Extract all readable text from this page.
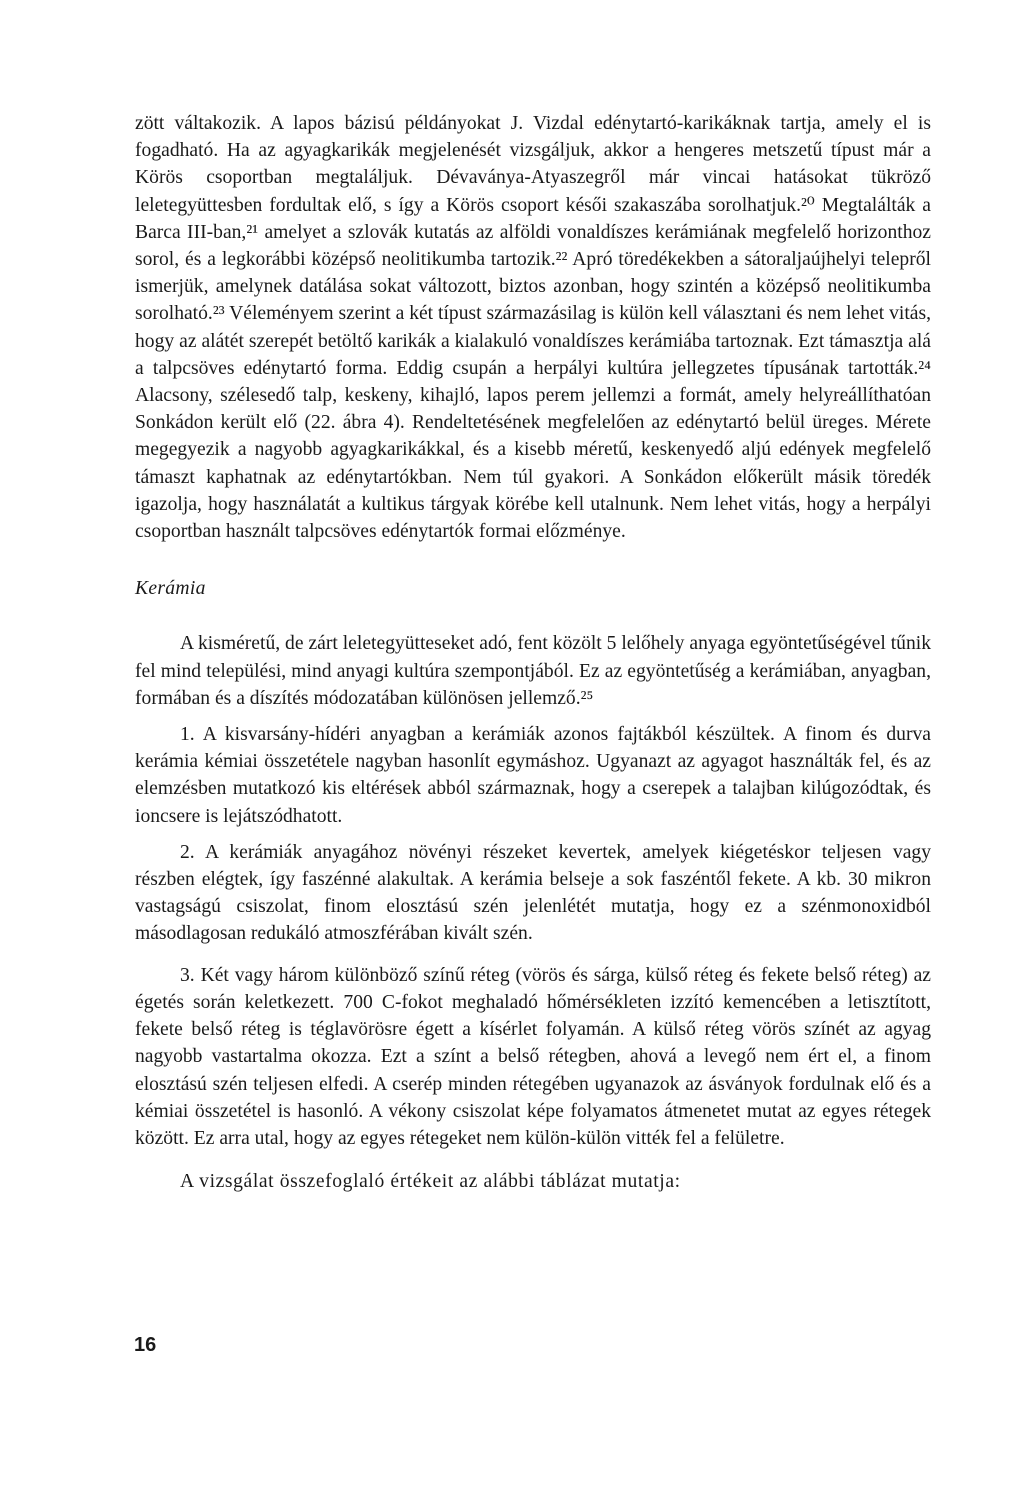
zött váltakozik. A lapos bázisú példányokat J. Vizdal edénytartó-karikáknak tartja, amely el is fogadható. Ha az agyagkarikák megjelenését vizsgáljuk, akkor a hengeres metszetű típust már a Körös csoportban megtaláljuk. Dévaványa-Atyaszegről már vincai hatásokat tükröző leletegyüttesben fordultak elő, s így a Körös csoport késői szakaszába sorolhatjuk.²⁰ Megtalálták a Barca III-ban,²¹ amelyet a szlovák kutatás az alföldi vonaldíszes kerámiának megfelelő horizonthoz sorol, és a legkorábbi középső neolitikumba tartozik.²² Apró töredékekben a sátoraljaújhelyi telepről ismerjük, amelynek datálása sokat változott, biztos azonban, hogy szintén a középső neolitikumba sorolható.²³ Véleményem szerint a két típust származásilag is külön kell választani és nem lehet vitás, hogy az alátét szerepét betöltő karikák a kialakuló vonaldíszes kerámiába tartoznak. Ezt támasztja alá a talpcsöves edénytartó forma. Eddig csupán a herpályi kultúra jellegzetes típusának tartották.²⁴ Alacsony, szélesedő talp, keskeny, kihajló, lapos perem jellemzi a formát, amely helyreállíthatóan Sonkádon került elő (22. ábra 4). Rendeltetésének megfelelően az edénytartó belül üreges. Mérete megegyezik a nagyobb agyagkarikákkal, és a kisebb méretű, keskenyedő aljú edények megfelelő támaszt kaphatnak az edénytartókban. Nem túl gyakori. A Sonkádon előkerült másik töredék igazolja, hogy használatát a kultikus tárgyak körébe kell utalnunk. Nem lehet vitás, hogy a herpályi csoportban használt talpcsöves edénytartók formai előzménye.

Kerámia

A kisméretű, de zárt leletegyütteseket adó, fent közölt 5 lelőhely anyaga egyöntetűségével tűnik fel mind települési, mind anyagi kultúra szempontjából. Ez az egyöntetűség a kerámiában, anyagban, formában és a díszítés módozatában különösen jellemző.²⁵

1. A kisvarsány-hídéri anyagban a kerámiák azonos fajtákból készültek. A finom és durva kerámia kémiai összetétele nagyban hasonlít egymáshoz. Ugyanazt az agyagot használták fel, és az elemzésben mutatkozó kis eltérések abból származnak, hogy a cserepek a talajban kilúgozódtak, és ioncsere is lejátszódhatott.

2. A kerámiák anyagához növényi részeket kevertek, amelyek kiégetéskor teljesen vagy részben elégtek, így faszénné alakultak. A kerámia belseje a sok faszéntől fekete. A kb. 30 mikron vastagságú csiszolat, finom elosztású szén jelenlétét mutatja, hogy ez a szénmonoxidból másodlagosan redukáló atmoszférában kivált szén.

3. Két vagy három különböző színű réteg (vörös és sárga, külső réteg és fekete belső réteg) az égetés során keletkezett. 700 C-fokot meghaladó hőmérsékleten izzító kemencében a letisztított, fekete belső réteg is téglavörösre égett a kísérlet folyamán. A külső réteg vörös színét az agyag nagyobb vastartalma okozza. Ezt a színt a belső rétegben, ahová a levegő nem ért el, a finom elosztású szén teljesen elfedi. A cserép minden rétegében ugyanazok az ásványok fordulnak elő és a kémiai összetétel is hasonló. A vékony csiszolat képe folyamatos átmenetet mutat az egyes rétegek között. Ez arra utal, hogy az egyes rétegeket nem külön-külön vitték fel a felületre.

A vizsgálat összefoglaló értékeit az alábbi táblázat mutatja:

16
